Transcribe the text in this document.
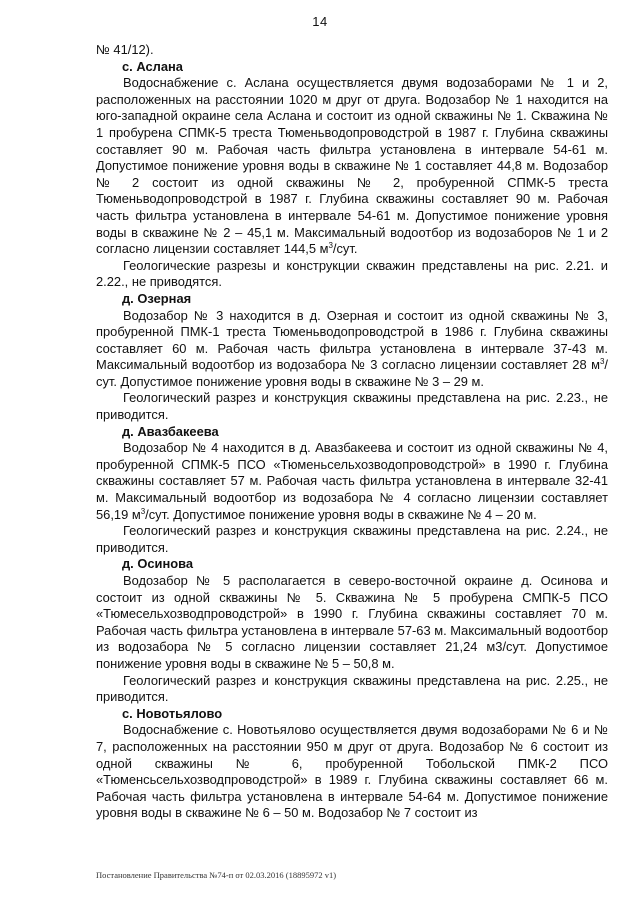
14

№ 41/12).

с. Аслана

Водоснабжение с. Аслана осуществляется двумя водозаборами № 1 и 2, расположенных на расстоянии 1020 м друг от друга. Водозабор № 1 находится на юго-западной окраине села Аслана и состоит из одной скважины № 1. Скважина № 1 пробурена СПМК-5 треста Тюменьводопроводстрой в 1987 г. Глубина скважины составляет 90 м. Рабочая часть фильтра установлена в интервале 54-61 м. Допустимое понижение уровня воды в скважине № 1 составляет 44,8 м. Водозабор № 2 состоит из одной скважины № 2, пробуренной СПМК-5 треста Тюменьводопроводстрой в 1987 г. Глубина скважины составляет 90 м. Рабочая часть фильтра установлена в интервале 54-61 м. Допустимое понижение уровня воды в скважине № 2 – 45,1 м. Максимальный водоотбор из водозаборов № 1 и 2 согласно лицензии составляет 144,5 $м^3$/сут.

Геологические разрезы и конструкции скважин представлены на рис. 2.21. и 2.22., не приводятся.

д. Озерная

Водозабор № 3 находится в д. Озерная и состоит из одной скважины № 3, пробуренной ПМК-1 треста Тюменьводопроводстрой в 1986 г. Глубина скважины составляет 60 м. Рабочая часть фильтра установлена в интервале 37-43 м. Максимальный водоотбор из водозабора № 3 согласно лицензии составляет 28 $м^3$/сут. Допустимое понижение уровня воды в скважине № 3 – 29 м.

Геологический разрез и конструкция скважины представлена на рис. 2.23., не приводится.

д. Авазбакеева

Водозабор № 4 находится в д. Авазбакеева и состоит из одной скважины № 4, пробуренной СПМК-5 ПСО «Тюменьсельхозводопроводстрой» в 1990 г. Глубина скважины составляет 57 м. Рабочая часть фильтра установлена в интервале 32-41 м. Максимальный водоотбор из водозабора № 4 согласно лицензии составляет 56,19 $м^3$/сут. Допустимое понижение уровня воды в скважине № 4 – 20 м.

Геологический разрез и конструкция скважины представлена на рис. 2.24., не приводится.

д. Осинова

Водозабор № 5 располагается в северо-восточной окраине д. Осинова и состоит из одной скважины № 5. Скважина № 5 пробурена СМПК-5 ПСО «Тюмесельхозводпроводстрой» в 1990 г. Глубина скважины составляет 70 м. Рабочая часть фильтра установлена в интервале 57-63 м. Максимальный водоотбор из водозабора № 5 согласно лицензии составляет 21,24 м3/сут. Допустимое понижение уровня воды в скважине № 5 – 50,8 м.

Геологический разрез и конструкция скважины представлена на рис. 2.25., не приводится.

с. Новотьялово

Водоснабжение с. Новотьялово осуществляется двумя водозаборами № 6 и № 7, расположенных на расстоянии 950 м друг от друга. Водозабор № 6 состоит из одной скважины № 6, пробуренной Тобольской ПМК-2 ПСО «Тюменсьсельхозводпроводстрой» в 1989 г. Глубина скважины составляет 66 м. Рабочая часть фильтра установлена в интервале 54-64 м. Допустимое понижение уровня воды в скважине № 6 – 50 м. Водозабор № 7 состоит из

Постановление Правительства №74-п от 02.03.2016 (18895972 v1)
